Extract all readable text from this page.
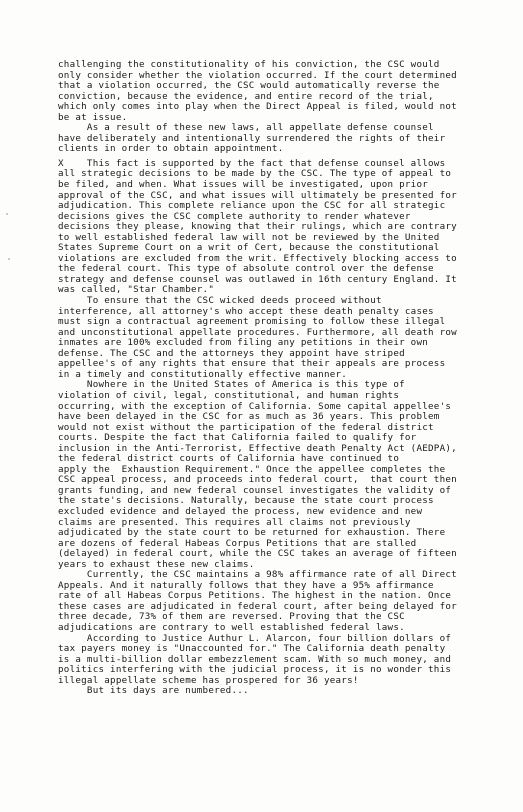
challenging the constitutionality of his conviction, the CSC would
only consider whether the violation occurred. If the court determined
that a violation occurred, the CSC would automatically reverse the
conviction, because the evidence, and entire record of the trial,
which only comes into play when the Direct Appeal is filed, would not
be at issue.
As a result of these new laws, all appellate defense counsel
have deliberately and intentionally surrendered the rights of their
clients in order to obtain appointment.
X    This fact is supported by the fact that defense counsel allows
all strategic decisions to be made by the CSC. The type of appeal to
be filed, and when. What issues will be investigated, upon prior
approval of the CSC, and what issues will ultimately be presented for
adjudication. This complete reliance upon the CSC for all strategic
decisions gives the CSC complete authority to render whatever
decisions they please, knowing that their rulings, which are contrary
to well established federal law will not be reviewed by the United
States Supreme Court on a writ of Cert, because the constitutional
violations are excluded from the writ. Effectively blocking access to
the federal court. This type of absolute control over the defense
strategy and defense counsel was outlawed in 16th century England. It
was called, "Star Chamber."
To ensure that the CSC wicked deeds proceed without
interference, all attorney's who accept these death penalty cases
must sign a contractual agreement promising to follow these illegal
and unconstitutional appellate procedures. Furthermore, all death row
inmates are 100% excluded from filing any petitions in their own
defense. The CSC and the attorneys they appoint have striped
appellee's of any rights that ensure that their appeals are process
in a timely and constitutionally effective manner.
Nowhere in the United States of America is this type of
violation of civil, legal, constitutional, and human rights
occurring, with the exception of California. Some capital appellee's
have been delayed in the CSC for as much as 36 years. This problem
would not exist without the participation of the federal district
courts. Despite the fact that California failed to qualify for
inclusion in the Anti-Terrorist, Effective death Penalty Act (AEDPA),
the federal district courts of California have continued to
apply the  Exhaustion Requirement." Once the appellee completes the
CSC appeal process, and proceeds into federal court,  that court then
grants funding, and new federal counsel investigates the validity of
the state's decisions. Naturally, because the state court process
excluded evidence and delayed the process, new evidence and new
claims are presented. This requires all claims not previously
adjudicated by the state court to be returned for exhaustion. There
are dozens of federal Habeas Corpus Petitions that are stalled
(delayed) in federal court, while the CSC takes an average of fifteen
years to exhaust these new claims.
Currently, the CSC maintains a 98% affirmance rate of all Direct
Appeals. And it naturally follows that they have a 95% affirmance
rate of all Habeas Corpus Petitions. The highest in the nation. Once
these cases are adjudicated in federal court, after being delayed for
three decade, 73% of them are reversed. Proving that the CSC
adjudications are contrary to well established federal laws.
According to Justice Authur L. Alarcon, four billion dollars of
tax payers money is "Unaccounted for." The California death penalty
is a multi-billion dollar embezzlement scam. With so much money, and
politics interfering with the judicial process, it is no wonder this
illegal appellate scheme has prospered for 36 years!
But its days are numbered...
